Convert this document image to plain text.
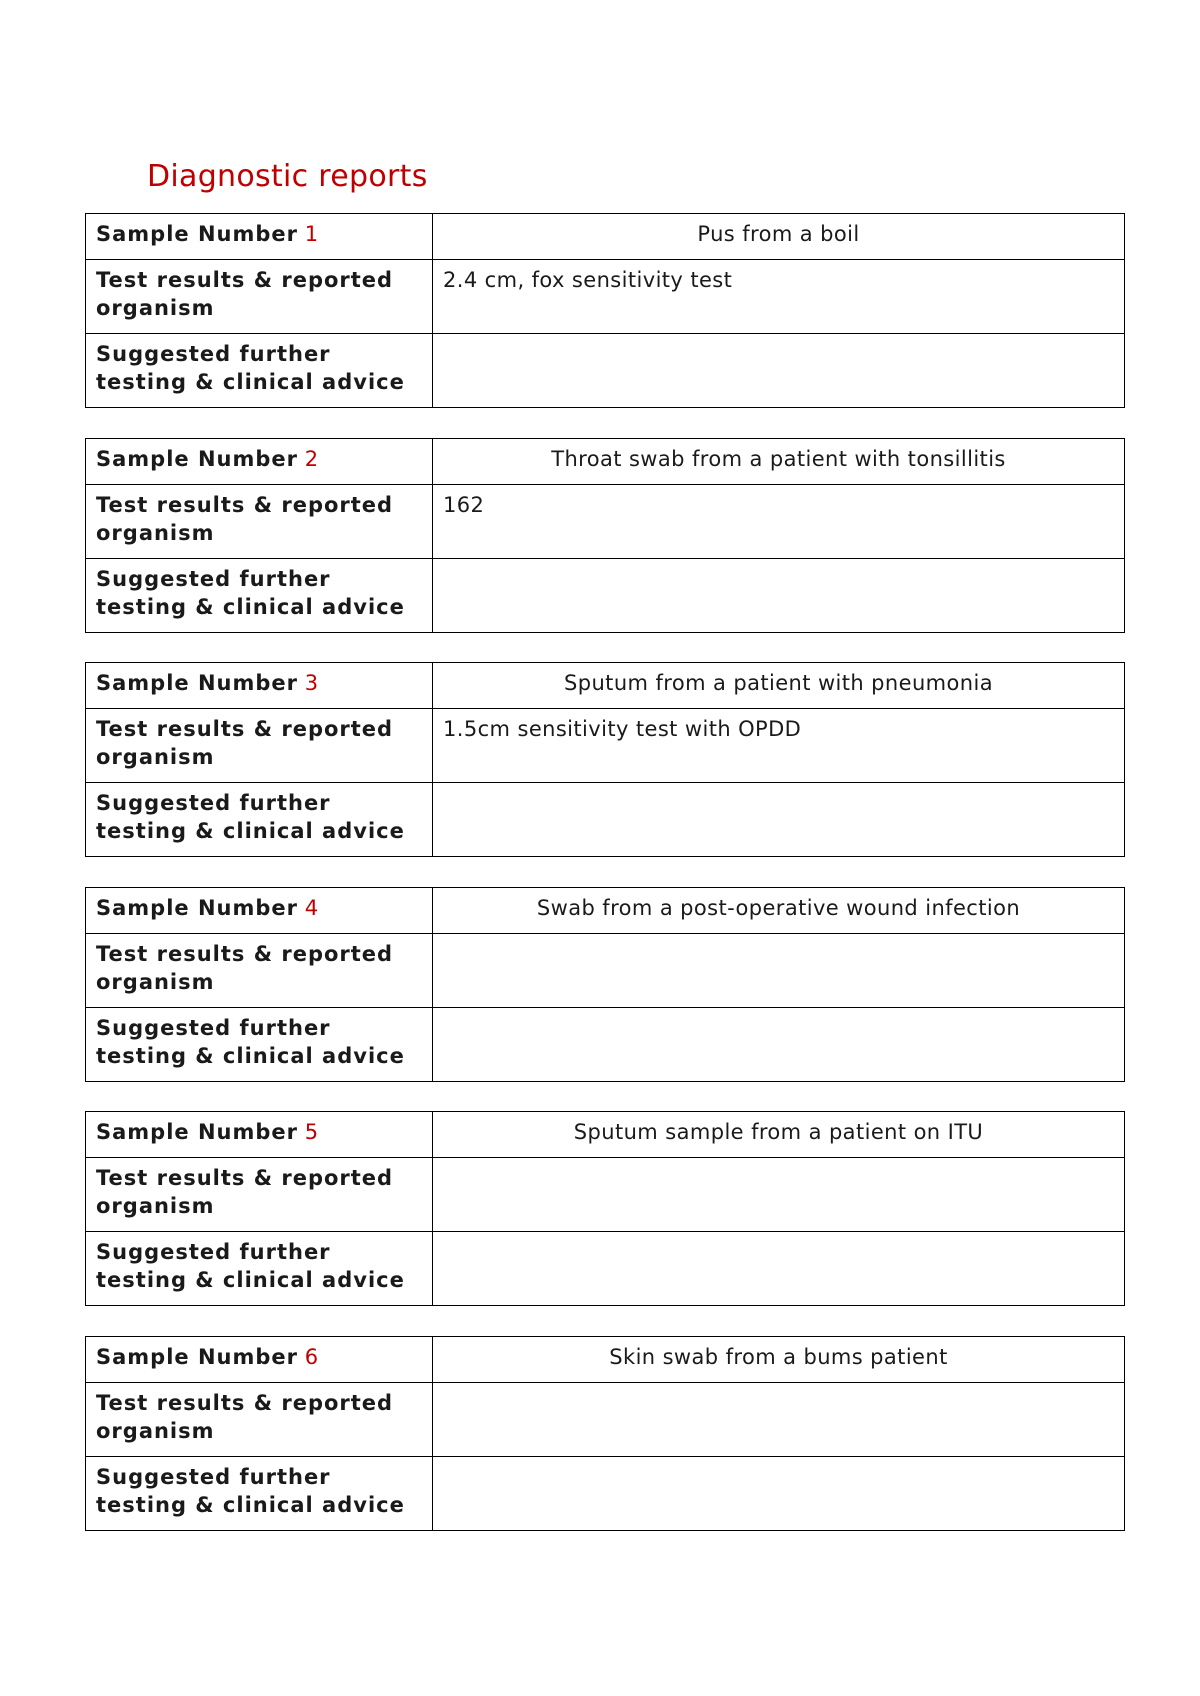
Diagnostic reports
Sample Number 1	Pus from a boil
Test results & reported organism	2.4 cm, fox sensitivity test
Suggested further testing & clinical advice	
Sample Number 2	Throat swab from a patient with tonsillitis
Test results & reported organism	162
Suggested further testing & clinical advice	
Sample Number 3	Sputum from a patient with pneumonia
Test results & reported organism	1.5cm sensitivity test with OPDD
Suggested further testing & clinical advice	
Sample Number 4	Swab from a post-operative wound infection
Test results & reported organism	
Suggested further testing & clinical advice	
Sample Number 5	Sputum sample from a patient on ITU
Test results & reported organism	
Suggested further testing & clinical advice	
Sample Number 6	Skin swab from a bums patient
Test results & reported organism	
Suggested further testing & clinical advice	
